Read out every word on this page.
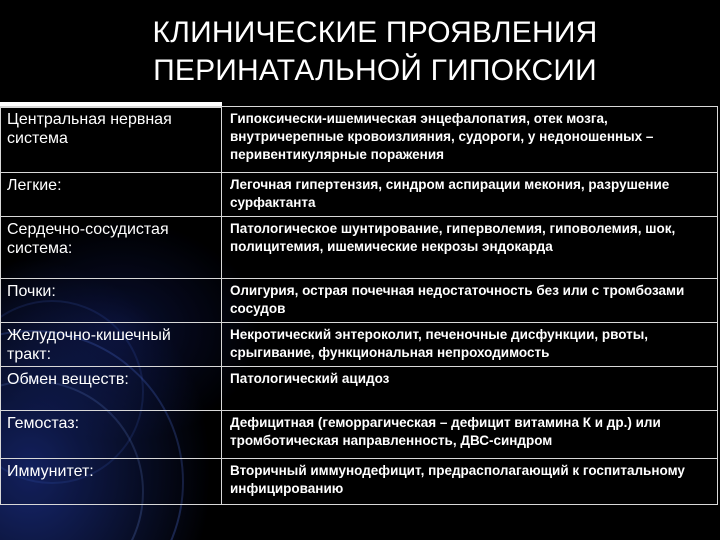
КЛИНИЧЕСКИЕ ПРОЯВЛЕНИЯ
ПЕРИНАТАЛЬНОЙ ГИПОКСИИ
Центральная нервная система	Гипоксически-ишемическая энцефалопатия, отек мозга, внутричерепные кровоизлияния, судороги, у недоношенных – перивентикулярные поражения
Легкие:	Легочная гипертензия, синдром аспирации мекония, разрушение сурфактанта
Сердечно-сосудистая система:	Патологическое шунтирование, гиперволемия, гиповолемия, шок, полицитемия, ишемические некрозы эндокарда
Почки:	Олигурия, острая почечная недостаточность без или с тромбозами сосудов
Желудочно-кишечный тракт:	Некротический энтероколит, печеночные дисфункции, рвоты, срыгивание, функциональная непроходимость
Обмен веществ:	Патологический ацидоз
Гемостаз:	Дефицитная (геморрагическая – дефицит витамина К и др.) или тромботическая направленность, ДВС-синдром
Иммунитет:	Вторичный иммунодефицит, предрасполагающий к госпитальному инфицированию
